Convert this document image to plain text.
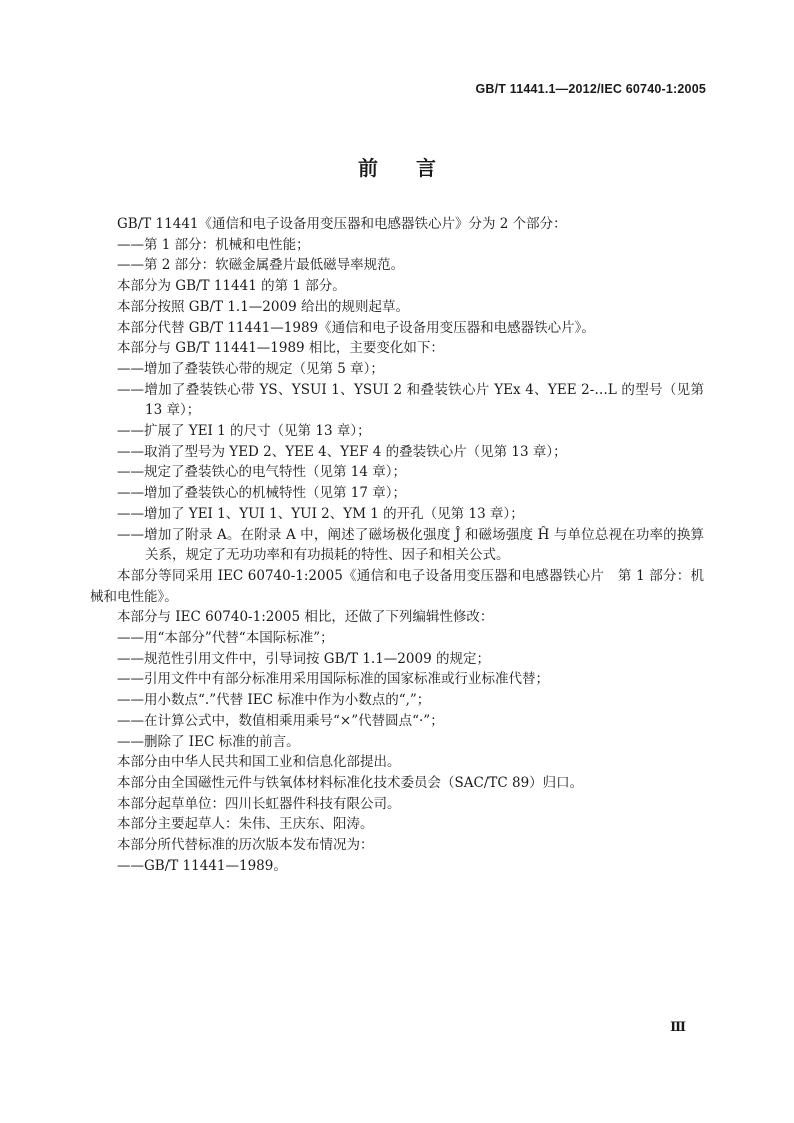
GB/T 11441.1—2012/IEC 60740-1:2005
前言

GB/T 11441《通信和电子设备用变压器和电感器铁心片》分为 2 个部分：

——第 1 部分：机械和电性能；

——第 2 部分：软磁金属叠片最低磁导率规范。

本部分为 GB/T 11441 的第 1 部分。

本部分按照 GB/T 1.1—2009 给出的规则起草。

本部分代替 GB/T 11441—1989《通信和电子设备用变压器和电感器铁心片》。

本部分与 GB/T 11441—1989 相比，主要变化如下：

——增加了叠装铁心带的规定（见第 5 章）；

——增加了叠装铁心带 YS、YSUI 1、YSUI 2 和叠装铁心片 YEx 4、YEE 2-…L 的型号（见第 13 章）；

——扩展了 YEI 1 的尺寸（见第 13 章）；

——取消了型号为 YED 2、YEE 4、YEF 4 的叠装铁心片（见第 13 章）；

——规定了叠装铁心的电气特性（见第 14 章）；

——增加了叠装铁心的机械特性（见第 17 章）；

——增加了 YEI 1、YUI 1、YUI 2、YM 1 的开孔（见第 13 章）；

——增加了附录 A。在附录 A 中，阐述了磁场极化强度 Ĵ 和磁场强度 Ĥ 与单位总视在功率的换算关系，规定了无功功率和有功损耗的特性、因子和相关公式。

本部分等同采用 IEC 60740-1:2005《通信和电子设备用变压器和电感器铁心片　第 1 部分：机械和电性能》。

本部分与 IEC 60740-1:2005 相比，还做了下列编辑性修改：

——用“本部分”代替“本国际标准”；

——规范性引用文件中，引导词按 GB/T 1.1—2009 的规定；

——引用文件中有部分标准用采用国际标准的国家标准或行业标准代替；

——用小数点“.”代替 IEC 标准中作为小数点的“,”；

——在计算公式中，数值相乘用乘号“×”代替圆点“·”；

——删除了 IEC 标准的前言。

本部分由中华人民共和国工业和信息化部提出。

本部分由全国磁性元件与铁氧体材料标准化技术委员会（SAC/TC 89）归口。

本部分起草单位：四川长虹器件科技有限公司。

本部分主要起草人：朱伟、王庆东、阳涛。

本部分所代替标准的历次版本发布情况为：

——GB/T 11441—1989。

Ⅲ
